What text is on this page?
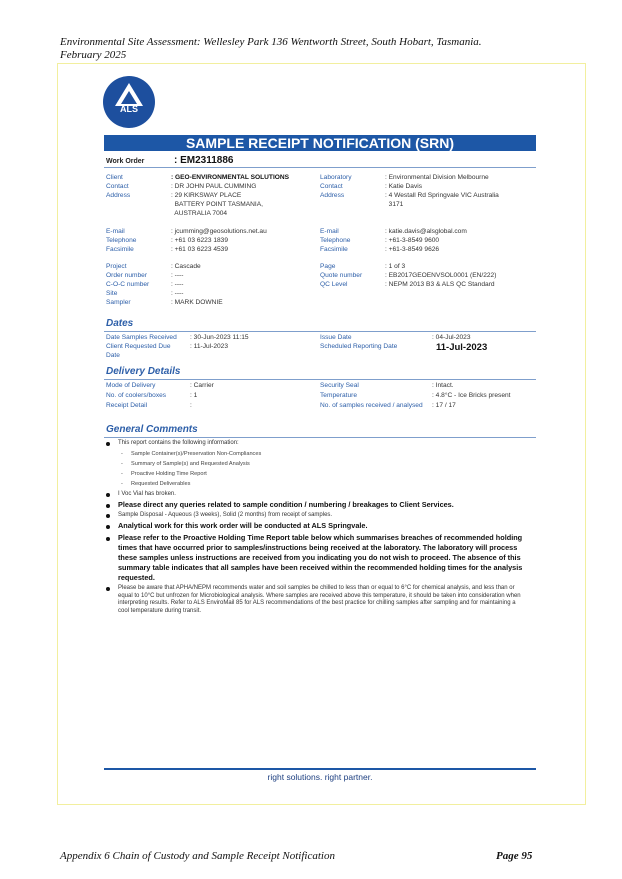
Environmental Site Assessment: Wellesley Park 136 Wentworth Street, South Hobart, Tasmania.
February 2025
ALS
SAMPLE RECEIPT NOTIFICATION (SRN)
Work Order	: EM2311886
Client
Contact
Address
E-mail
Telephone
Facsimile
Project
Order number
C-O-C number
Site
Sampler
: GEO-ENVIRONMENTAL SOLUTIONS
: DR JOHN PAUL CUMMING
: 29 KIRKSWAY PLACE
BATTERY POINT TASMANIA,
AUSTRALIA 7004
: jcumming@geosolutions.net.au
: +61 03 6223 1839
: +61 03 6223 4539
: Cascade
: ----
: ----
: ----
: MARK DOWNIE
Laboratory
Contact
Address
E-mail
Telephone
Facsimile
Page
Quote number
QC Level
: Environmental Division Melbourne
: Katie Davis
: 4 Westall Rd Springvale VIC Australia
3171
: katie.davis@alsglobal.com
: +61-3-8549 9600
: +61-3-8549 9626
: 1 of 3
: EB2017GEOENVSOL0001 (EN/222)
: NEPM 2013 B3 & ALS QC Standard
Dates
Date Samples Received
Client Requested Due
Date
: 30-Jun-2023 11:15
: 11-Jul-2023
Issue Date
Scheduled Reporting Date
: 04-Jul-2023
11-Jul-2023
Delivery Details
Mode of Delivery
No. of coolers/boxes
Receipt Detail
: Carrier
: 1
:
Security Seal
Temperature
No. of samples received / analysed
: Intact.
: 4.8°C - Ice Bricks present
: 17 / 17
General Comments
This report contains the following information:
- Sample Container(s)/Preservation Non-Compliances
- Summary of Sample(s) and Requested Analysis
- Proactive Holding Time Report
- Requested Deliverables
I Voc Vial has broken.
Please direct any queries related to sample condition / numbering / breakages to Client Services.
Sample Disposal - Aqueous (3 weeks), Solid (2 months) from receipt of samples.
Analytical work for this work order will be conducted at ALS Springvale.
Please refer to the Proactive Holding Time Report table below which summarises breaches of recommended holding times that have occurred prior to samples/instructions being received at the laboratory. The laboratory will process these samples unless instructions are received from you indicating you do not wish to proceed. The absence of this summary table indicates that all samples have been received within the recommended holding times for the analysis requested.
Please be aware that APHA/NEPM recommends water and soil samples be chilled to less than or equal to 6°C for chemical analysis, and less than or equal to 10°C but unfrozen for Microbiological analysis. Where samples are received above this temperature, it should be taken into consideration when interpreting results. Refer to ALS EnviroMail 85 for ALS recommendations of the best practice for chilling samples after sampling and for maintaining a cool temperature during transit.
right solutions. right partner.
Appendix 6 Chain of Custody and Sample Receipt Notification	Page 95
